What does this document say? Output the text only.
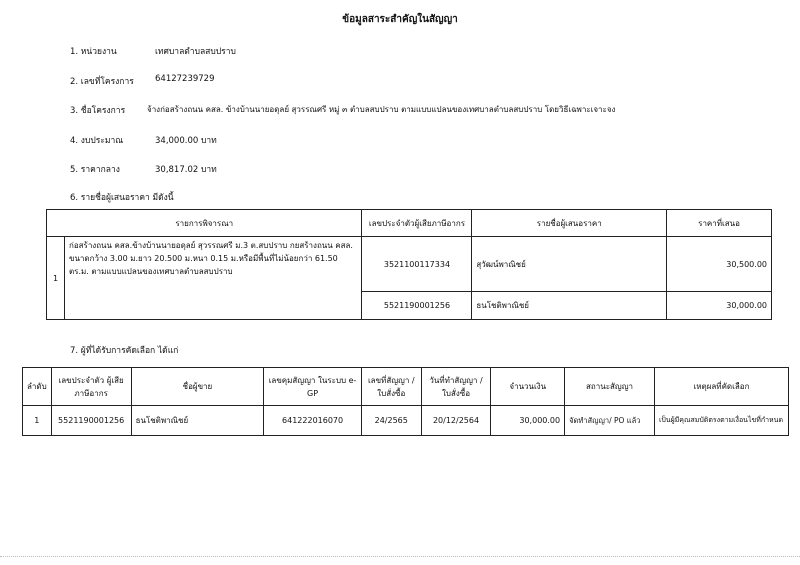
ข้อมูลสาระสำคัญในสัญญา
1. หน่วยงาน	เทศบาลตำบลสบปราบ
2. เลขที่โครงการ 64127239729
3. ชื่อโครงการ	จ้างก่อสร้างถนน คสล. ข้างบ้านนายอดุลย์ สุวรรณศรี หมู่ ๓ ตำบลสบปราบ ตามแบบแปลนของเทศบาลตำบลสบปราบ โดยวิธีเฉพาะเจาะจง
4. งบประมาณ	34,000.00 บาท
5. ราคากลาง	30,817.02 บาท
6. รายชื่อผู้เสนอราคา มีดังนี้
รายการพิจารณา		เลขประจำตัวผู้เสียภาษีอากร	รายชื่อผู้เสนอราคา	ราคาที่เสนอ
1	ก่อสร้างถนน คสล.ข้างบ้านนายอดุลย์ สุวรรณศรี ม.3 ต.สบปราบ กยสร้างถนน คสล. ขนาดกว้าง 3.00 ม.ยาว 20.500 ม.หนา 0.15 ม.หรือมีพื้นที่ไม่น้อยกว่า 61.50 ตร.ม. ตามแบบแปลนของเทศบาลตำบลสบปราบ	3521100117334	สุวัฒน์พาณิชย์	30,500.00
		5521190001256	ธนโชติพาณิชย์	30,000.00
7. ผู้ที่ได้รับการคัดเลือก ได้แก่
ลำดับ	เลขประจำตัว ผู้เสียภาษีอากร	ชื่อผู้ขาย	เลขคุมสัญญา ในระบบ e-GP	เลขที่สัญญา / ใบสั่งซื้อ	วันที่ทำสัญญา / ใบสั่งซื้อ	จำนวนเงิน	สถานะสัญญา	เหตุผลที่คัดเลือก
1	5521190001256	ธนโชติพาณิชย์	641222016070	24/2565	20/12/2564	30,000.00	จัดทำสัญญา/ PO แล้ว	เป็นผู้มีคุณสมบัติตรงตามเงื่อนไขที่กำหนด
